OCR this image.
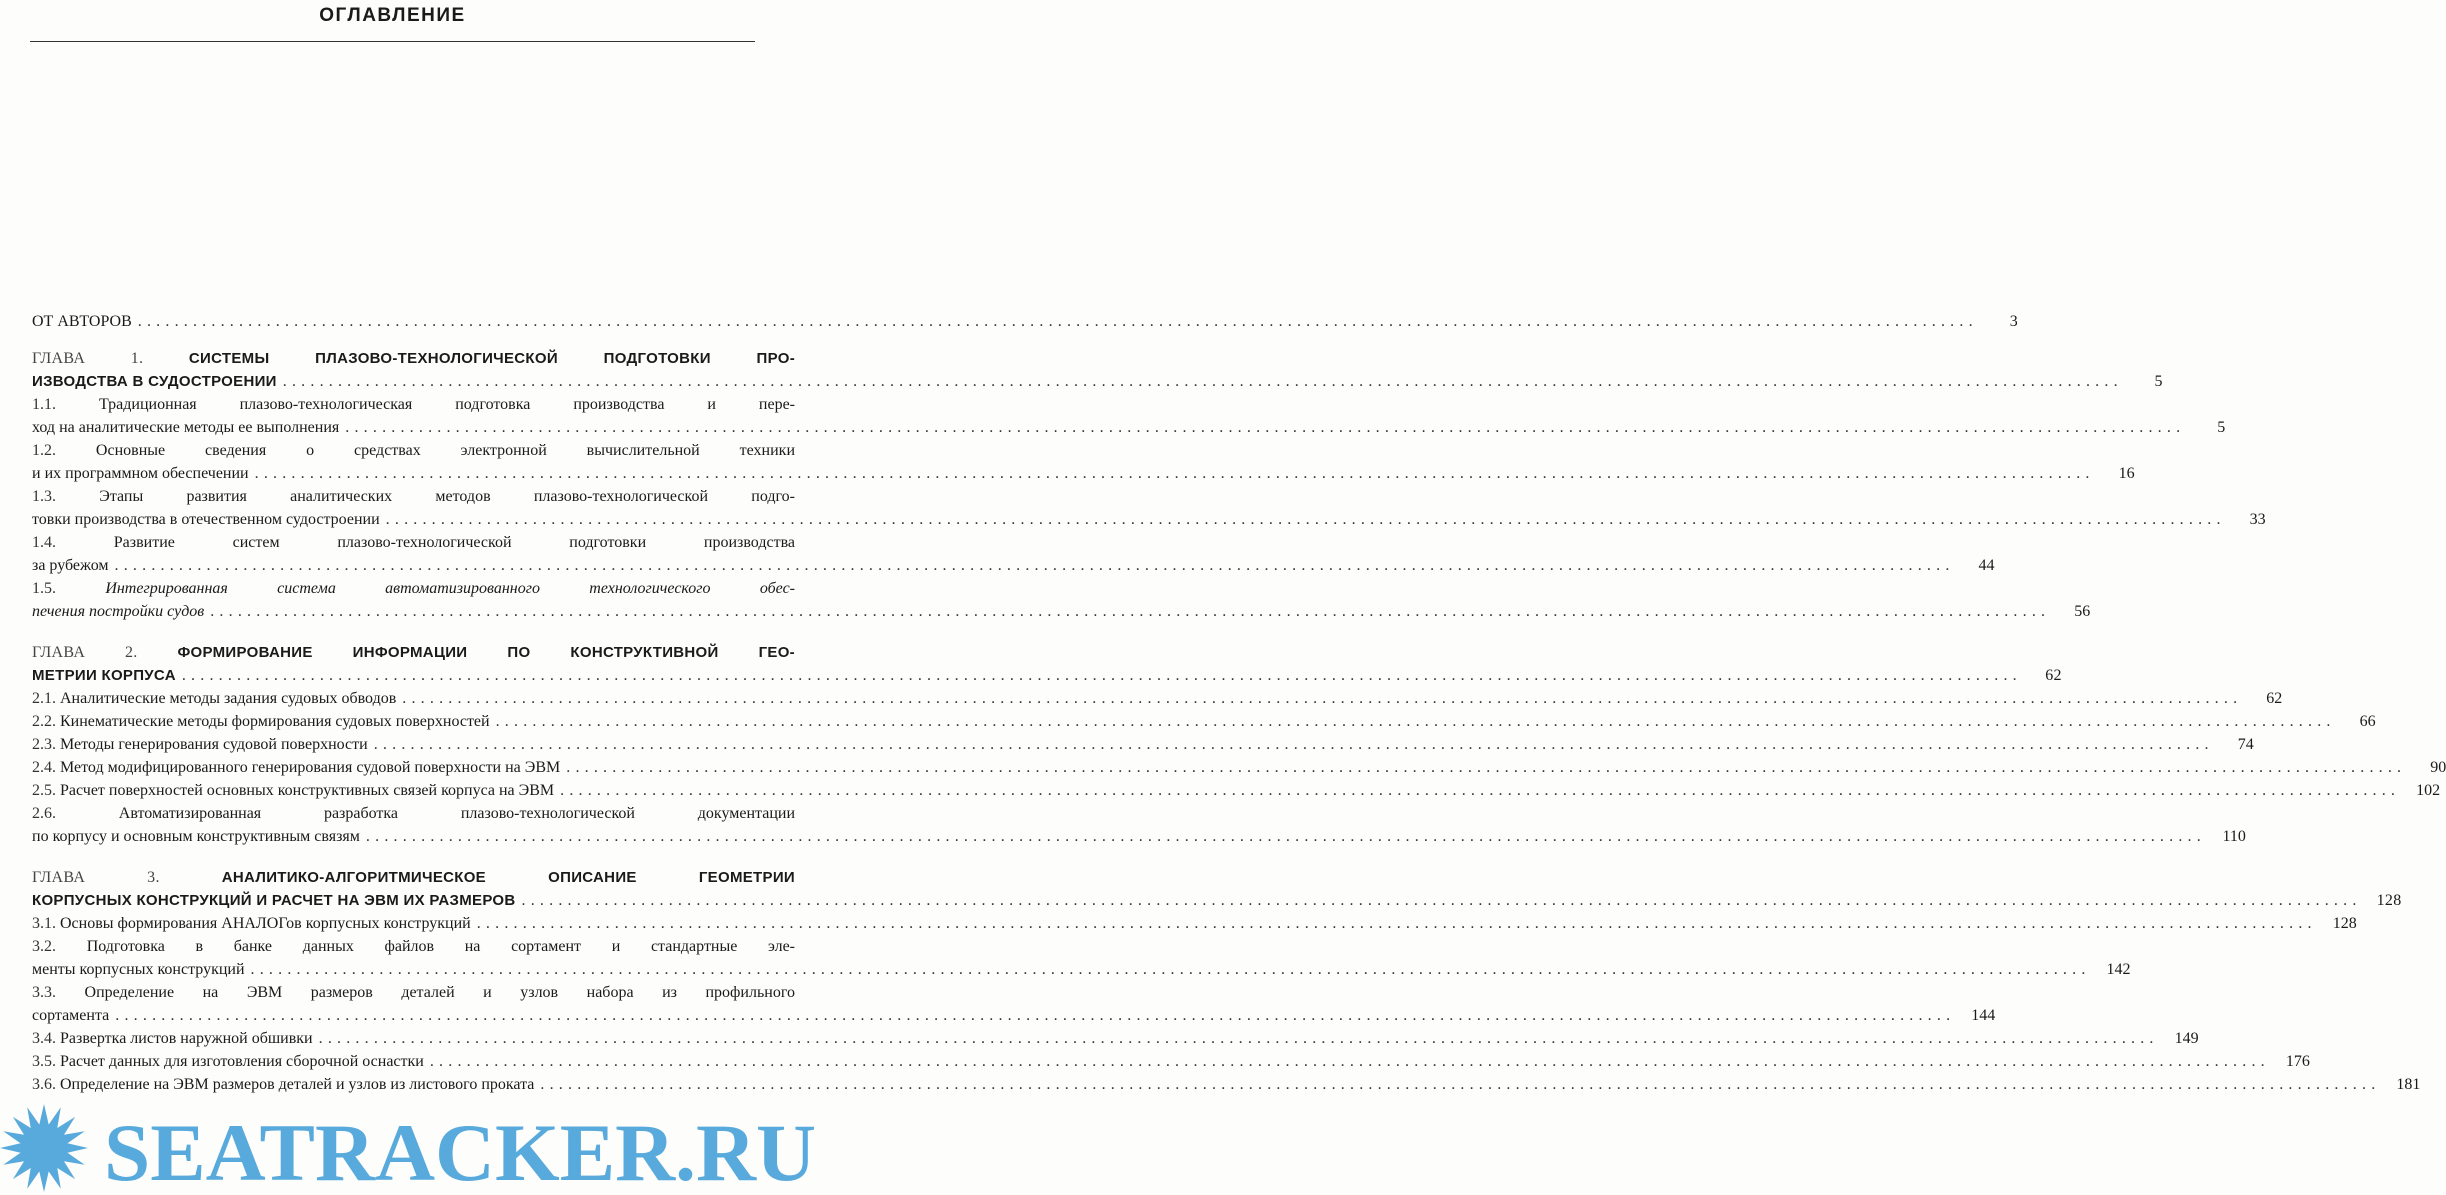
ОГЛАВЛЕНИЕ
ОТ АВТОРОВ ........................................................................................................................................................................................................	3
ГЛАВА 1.	СИСТЕМЫ ПЛАЗОВО-ТЕХНОЛОГИЧЕСКОЙ ПОДГОТОВКИ ПРО-
ИЗВОДСТВА В СУДОСТРОЕНИИ ........................................................................................................................................................................................................	5
1.1.	Традиционная плазово-технологическая подготовка производства и пере-
ход на аналитические методы ее выполнения ........................................................................................................................................................................................................	5
1.2. Основные сведения о средствах электронной вычислительной техники
и их программном обеспечении ........................................................................................................................................................................................................	16
1.3.	Этапы развития аналитических методов плазово-технологической подго-
товки производства в отечественном судостроении ........................................................................................................................................................................................................	33
1.4.	Развитие систем плазово-технологической подготовки производства
за рубежом ........................................................................................................................................................................................................	44
1.5.	Интегрированная система автоматизированного технологического обес-
печения постройки судов ........................................................................................................................................................................................................	56
ГЛАВА 2.	ФОРМИРОВАНИЕ ИНФОРМАЦИИ ПО КОНСТРУКТИВНОЙ ГЕО-
МЕТРИИ КОРПУСА ........................................................................................................................................................................................................	62
2.1. Аналитические методы задания судовых обводов ........................................................................................................................................................................................................	62
2.2. Кинематические методы формирования судовых поверхностей ........................................................................................................................................................................................................	66
2.3. Методы генерирования судовой поверхности ........................................................................................................................................................................................................	74
2.4. Метод модифицированного генерирования судовой поверхности на ЭВМ ........................................................................................................................................................................................................	90
2.5. Расчет поверхностей основных конструктивных связей корпуса на ЭВМ ........................................................................................................................................................................................................	102
2.6.	Автоматизированная разработка плазово-технологической документации
по корпусу и основным конструктивным связям ........................................................................................................................................................................................................	110
ГЛАВА 3.	АНАЛИТИКО-АЛГОРИТМИЧЕСКОЕ ОПИСАНИЕ ГЕОМЕТРИИ
КОРПУСНЫХ КОНСТРУКЦИЙ И РАСЧЕТ НА ЭВМ ИХ РАЗМЕРОВ ........................................................................................................................................................................................................ 128
3.1. Основы формирования АНАЛОГов корпусных конструкций ........................................................................................................................................................................................................	128
3.2. Подготовка в банке данных файлов на сортамент и стандартные эле-
менты корпусных конструкций ........................................................................................................................................................................................................	142
3.3. Определение на ЭВМ размеров деталей и узлов набора из профильного
сортамента ........................................................................................................................................................................................................	144
3.4. Развертка листов наружной обшивки ........................................................................................................................................................................................................	149
3.5. Расчет данных для изготовления сборочной оснастки ........................................................................................................................................................................................................	176
3.6. Определение на ЭВМ размеров деталей и узлов из листового проката ........................................................................................................................................................................................................	181
SEATRACKER.RU
